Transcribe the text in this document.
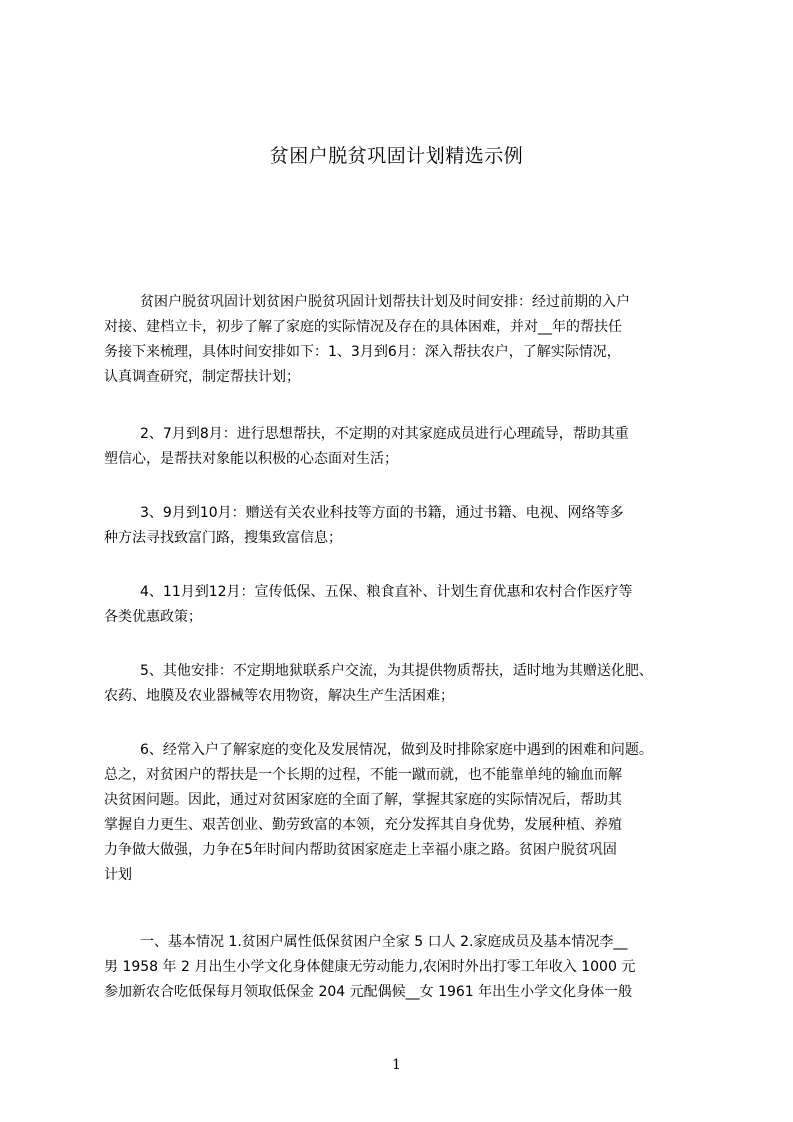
贫困户脱贫巩固计划精选示例
贫困户脱贫巩固计划贫困户脱贫巩固计划帮扶计划及时间安排：经过前期的入户
对接、建档立卡，初步了解了家庭的实际情况及存在的具体困难，并对__年的帮扶任
务接下来梳理，具体时间安排如下：1、3月到6月：深入帮扶农户，了解实际情况，
认真调查研究，制定帮扶计划；
2、7月到8月：进行思想帮扶，不定期的对其家庭成员进行心理疏导，帮助其重
塑信心，是帮扶对象能以积极的心态面对生活；
3、9月到10月：赠送有关农业科技等方面的书籍，通过书籍、电视、网络等多
种方法寻找致富门路，搜集致富信息；
4、11月到12月：宣传低保、五保、粮食直补、计划生育优惠和农村合作医疗等
各类优惠政策；
5、其他安排：不定期地狱联系户交流，为其提供物质帮扶，适时地为其赠送化肥、
农药、地膜及农业器械等农用物资，解决生产生活困难；
6、经常入户了解家庭的变化及发展情况，做到及时排除家庭中遇到的困难和问题。
总之，对贫困户的帮扶是一个长期的过程，不能一蹴而就，也不能靠单纯的输血而解
决贫困问题。因此，通过对贫困家庭的全面了解，掌握其家庭的实际情况后，帮助其
掌握自力更生、艰苦创业、勤劳致富的本领，充分发挥其自身优势，发展种植、养殖
力争做大做强，力争在5年时间内帮助贫困家庭走上幸福小康之路。贫困户脱贫巩固
计划
一、基本情况 1.贫困户属性低保贫困户全家 5 口人 2.家庭成员及基本情况李__
男 1958 年 2 月出生小学文化身体健康无劳动能力,农闲时外出打零工年收入 1000 元
参加新农合吃低保每月领取低保金 204 元配偶候__女 1961 年出生小学文化身体一般
1
